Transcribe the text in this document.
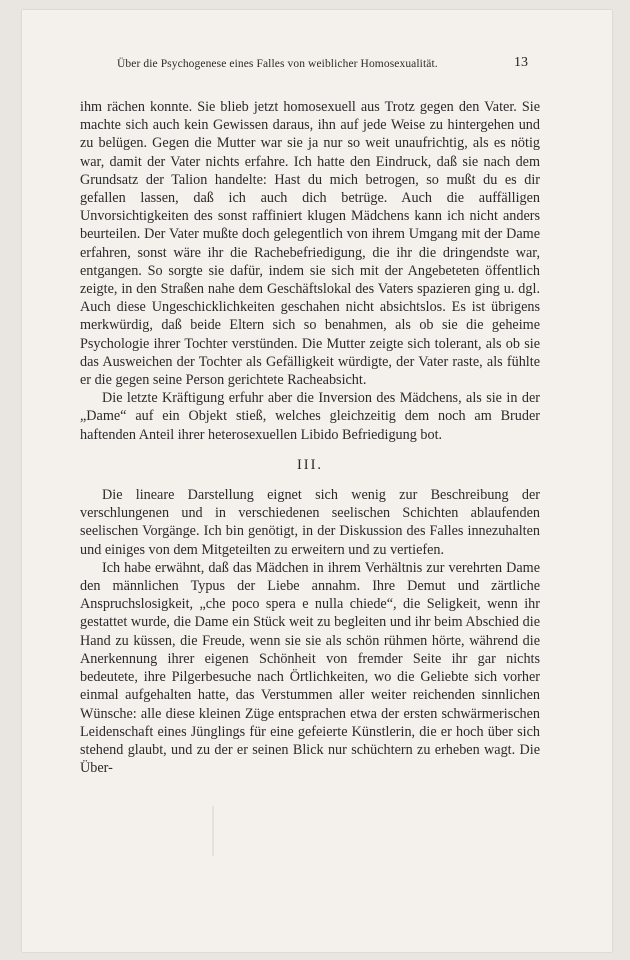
Über die Psychogenese eines Falles von weiblicher Homosexualität.	13

ihm rächen konnte. Sie blieb jetzt homosexuell aus Trotz gegen den Vater. Sie machte sich auch kein Gewissen daraus, ihn auf jede Weise zu hintergehen und zu belügen. Gegen die Mutter war sie ja nur so weit unaufrichtig, als es nötig war, damit der Vater nichts erfahre. Ich hatte den Eindruck, daß sie nach dem Grundsatz der Talion handelte: Hast du mich betrogen, so mußt du es dir gefallen lassen, daß ich auch dich betrüge. Auch die auffälligen Unvorsichtigkeiten des sonst raffiniert klugen Mädchens kann ich nicht anders beurteilen. Der Vater mußte doch gelegentlich von ihrem Umgang mit der Dame erfahren, sonst wäre ihr die Rachebefriedigung, die ihr die dringendste war, entgangen. So sorgte sie dafür, indem sie sich mit der Angebeteten öffentlich zeigte, in den Straßen nahe dem Geschäftslokal des Vaters spazieren ging u. dgl. Auch diese Ungeschicklichkeiten geschahen nicht absichtslos. Es ist übrigens merkwürdig, daß beide Eltern sich so benahmen, als ob sie die geheime Psychologie ihrer Tochter verstünden. Die Mutter zeigte sich tolerant, als ob sie das Ausweichen der Tochter als Gefälligkeit würdigte, der Vater raste, als fühlte er die gegen seine Person gerichtete Racheabsicht.

Die letzte Kräftigung erfuhr aber die Inversion des Mädchens, als sie in der „Dame“ auf ein Objekt stieß, welches gleichzeitig dem noch am Bruder haftenden Anteil ihrer heterosexuellen Libido Befriedigung bot.

III.

Die lineare Darstellung eignet sich wenig zur Beschreibung der verschlungenen und in verschiedenen seelischen Schichten ablaufenden seelischen Vorgänge. Ich bin genötigt, in der Diskussion des Falles innezuhalten und einiges von dem Mitgeteilten zu erweitern und zu vertiefen.

Ich habe erwähnt, daß das Mädchen in ihrem Verhältnis zur verehrten Dame den männlichen Typus der Liebe annahm. Ihre Demut und zärtliche Anspruchslosigkeit, „che poco spera e nulla chiede“, die Seligkeit, wenn ihr gestattet wurde, die Dame ein Stück weit zu begleiten und ihr beim Abschied die Hand zu küssen, die Freude, wenn sie sie als schön rühmen hörte, während die Anerkennung ihrer eigenen Schönheit von fremder Seite ihr gar nichts bedeutete, ihre Pilgerbesuche nach Örtlichkeiten, wo die Geliebte sich vorher einmal aufgehalten hatte, das Verstummen aller weiter reichenden sinnlichen Wünsche: alle diese kleinen Züge entsprachen etwa der ersten schwärmerischen Leidenschaft eines Jünglings für eine gefeierte Künstlerin, die er hoch über sich stehend glaubt, und zu der er seinen Blick nur schüchtern zu erheben wagt. Die Über-
